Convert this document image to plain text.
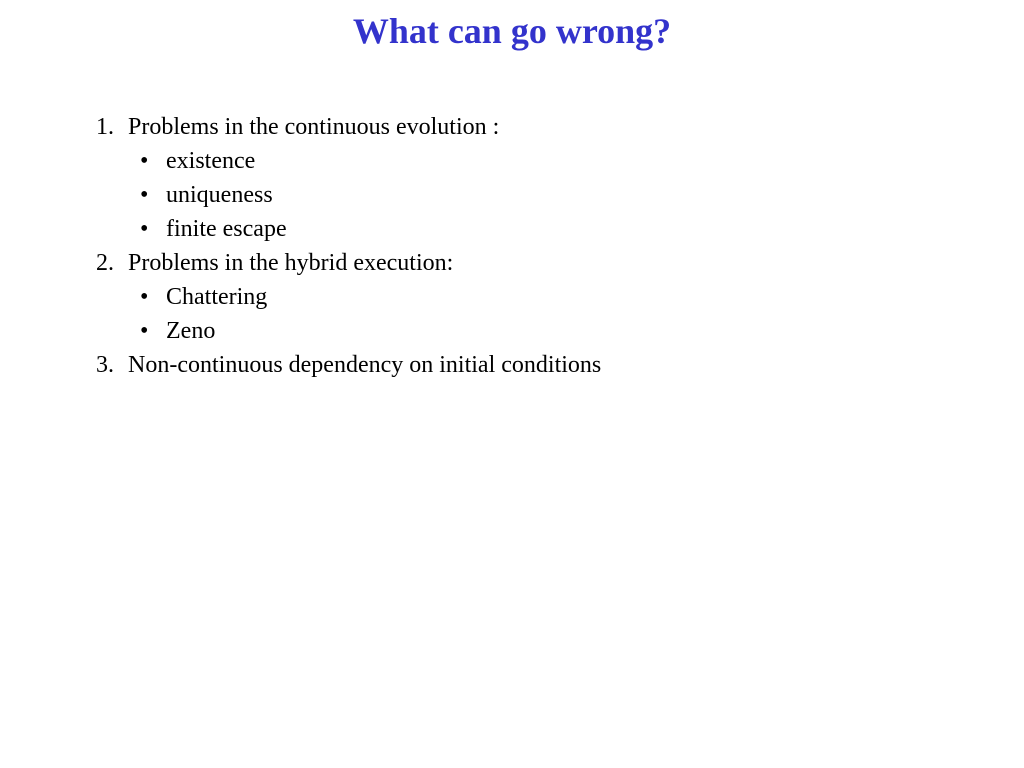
What can go wrong?
1. Problems in the continuous evolution :
• existence
• uniqueness
• finite escape
2. Problems in the hybrid execution:
• Chattering
• Zeno
3. Non-continuous dependency on initial conditions
